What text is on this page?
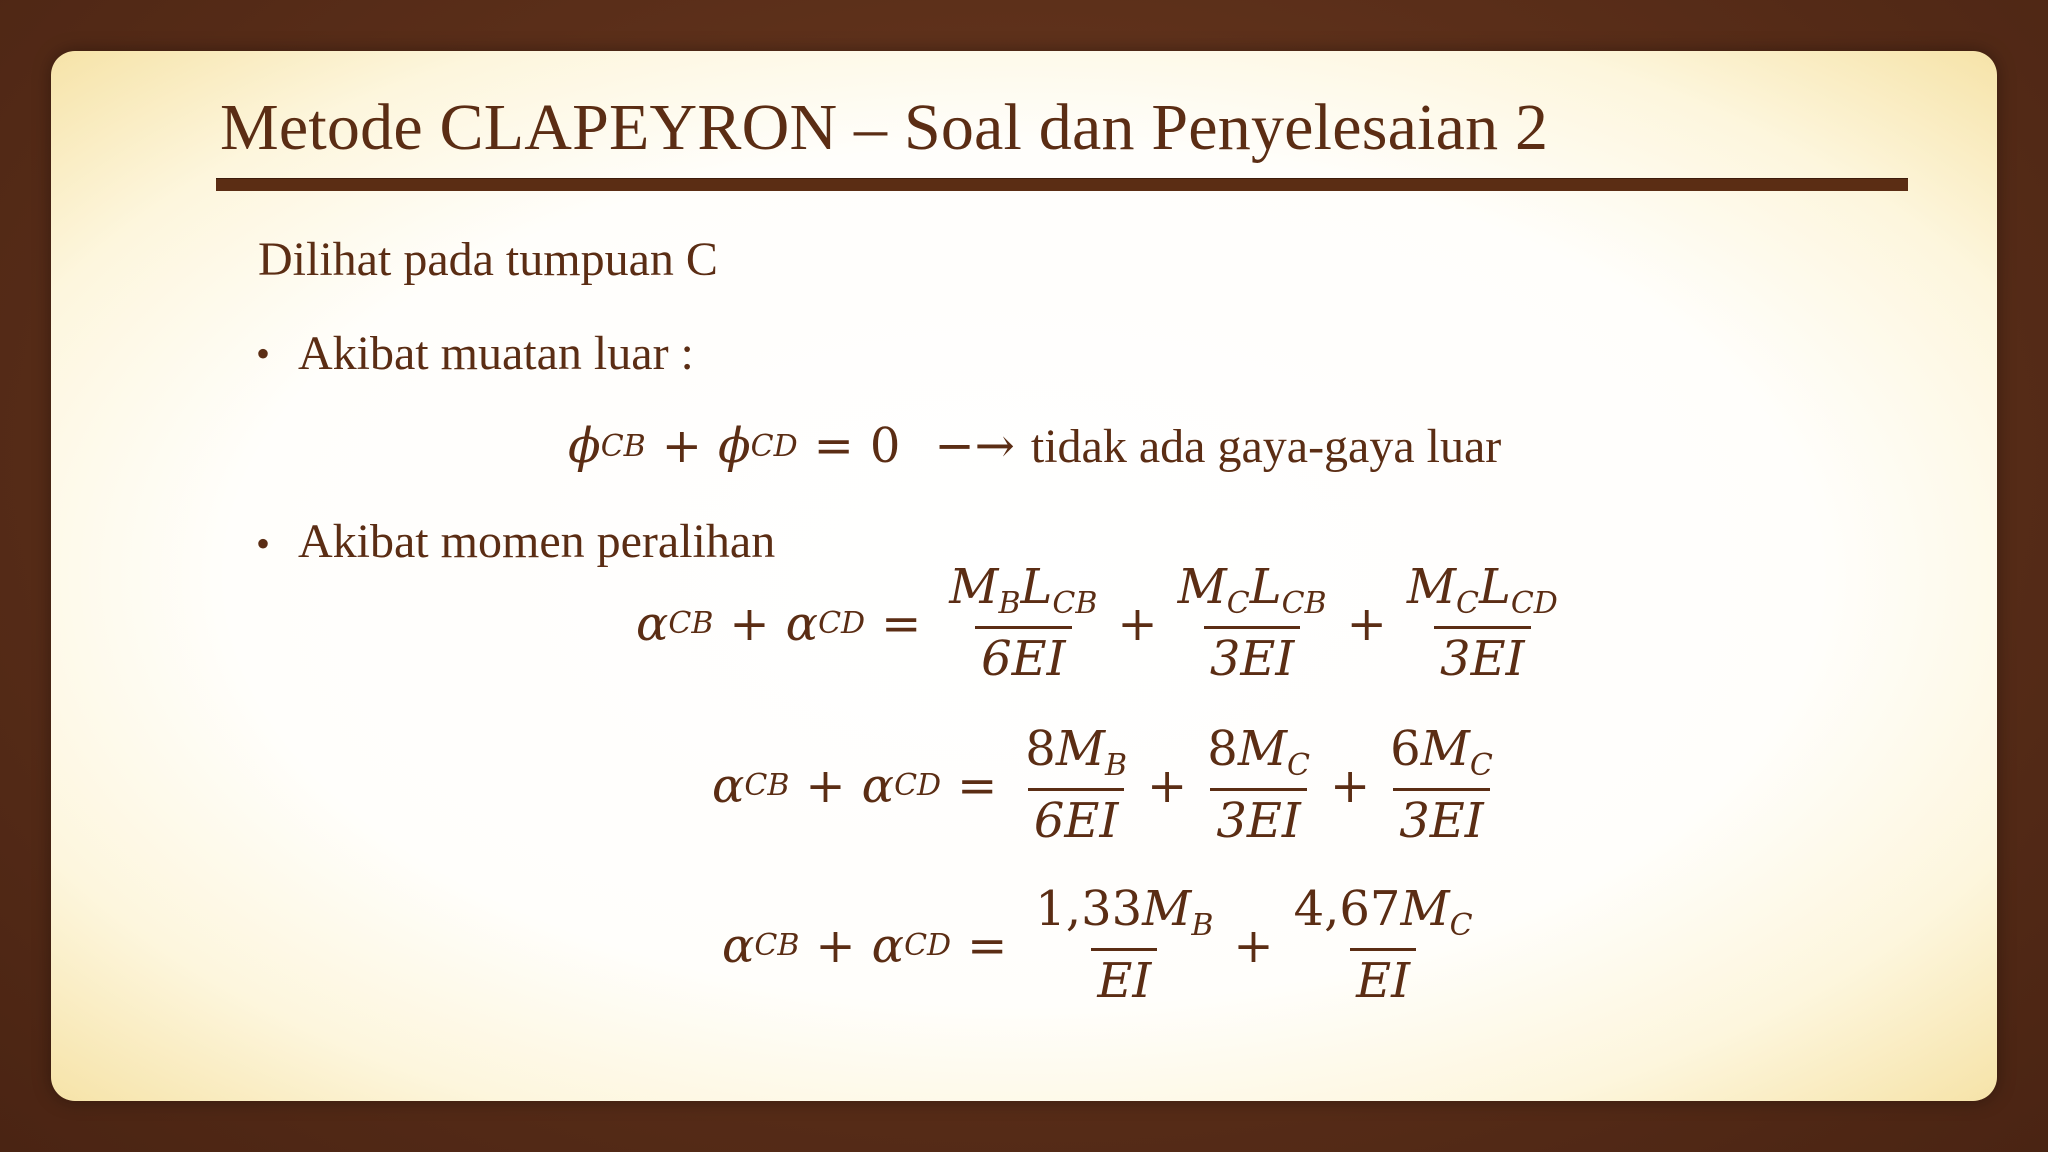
Metode CLAPEYRON – Soal dan Penyelesaian 2
Dilihat pada tumpuan C
• Akibat muatan luar :
ϕ CB + ϕ CD = 0 −→ tidak ada gaya-gaya luar
• Akibat momen peralihan
α CB + α CD = $\frac{M_BL_{CB}}{6EI} + \frac{M_CL_{CB}}{3EI} + \frac{M_CL_{CD}}{3EI}$
α CB + α CD = $\frac{8M_B}{6EI} + \frac{8M_C}{3EI} + \frac{6M_C}{3EI}$
α CB + α CD = $\frac{1,33M_B}{EI} + \frac{4,67M_C}{EI}$
